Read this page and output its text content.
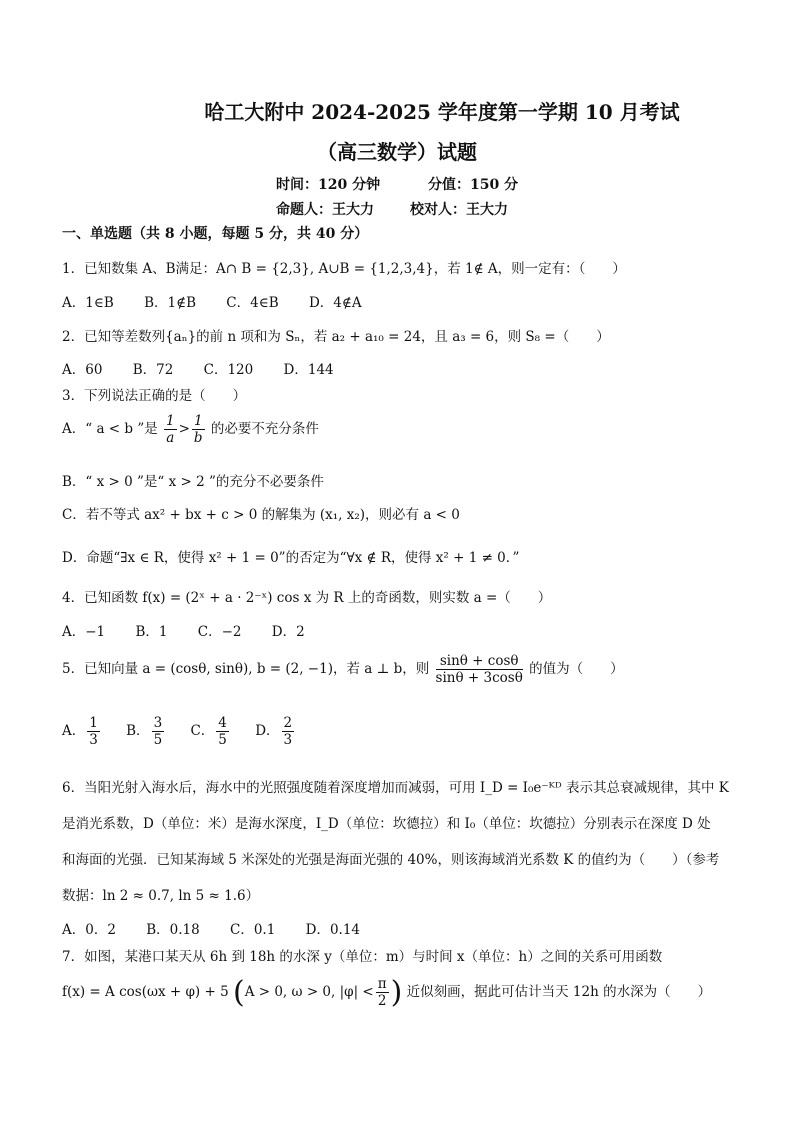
哈工大附中 2024-2025 学年度第一学期 10 月考试
（高三数学）试题
时间：120 分钟	分值：150 分
命题人：王大力	校对人：王大力
一、单选题（共 8 小题，每题 5 分，共 40 分）
1．已知数集 A、B满足：A∩ B = {2,3}, A∪B = {1,2,3,4}，若 1∉ A，则一定有：（　　）
A．1∈B B．1∉B C．4∈B D．4∉A
2．已知等差数列{aₙ}的前 n 项和为 Sₙ，若 a₂ + a₁₀ = 24，且 a₃ = 6，则 S₈ =（　　）
A．60 B．72 C．120 D．144
3．下列说法正确的是（　　）
A．“ a < b ”是 $\frac{1}{a} > \frac{1}{b}$ 的必要不充分条件
B．“ x > 0 ”是“ x > 2 ”的充分不必要条件
C．若不等式 ax² + bx + c > 0 的解集为 (x₁, x₂)，则必有 a < 0
D．命题“∃x ∈ R，使得 x² + 1 = 0”的否定为“∀x ∉ R，使得 x² + 1 ≠ 0．”
4．已知函数 f(x) = (2ˣ + a · 2⁻ˣ) cos x 为 R 上的奇函数，则实数 a =（　　）
A．−1 B．1 C．−2 D．2
5．已知向量 a = (cosθ, sinθ), b = (2, −1)，若 a ⊥ b，则 $\frac{\sin\theta + \cos\theta}{\sin\theta + 3\cos\theta}$ 的值为（　　）
A． $\frac{1}{3}$ B． $\frac{3}{5}$ C． $\frac{4}{5}$ D． $\frac{2}{3}$
6．当阳光射入海水后，海水中的光照强度随着深度增加而减弱，可用 I_D = I₀e⁻ᴷᴰ 表示其总衰减规律，其中 K
是消光系数，D（单位：米）是海水深度，I_D（单位：坎德拉）和 I₀（单位：坎德拉）分别表示在深度 D 处
和海面的光强．已知某海域 5 米深处的光强是海面光强的 40%，则该海域消光系数 K 的值约为（　　）（参考
数据：ln 2 ≈ 0.7, ln 5 ≈ 1.6）
A．0．2 B．0.18 C．0.1 D．0.14
7．如图，某港口某天从 6h 到 18h 的水深 y（单位：m）与时间 x（单位：h）之间的关系可用函数
f(x) = A cos(ωx + φ) + 5 (A > 0, ω > 0, $|\varphi| < \frac{\pi}{2}$ ) 近似刻画，据此可估计当天 12h 的水深为（　　）
